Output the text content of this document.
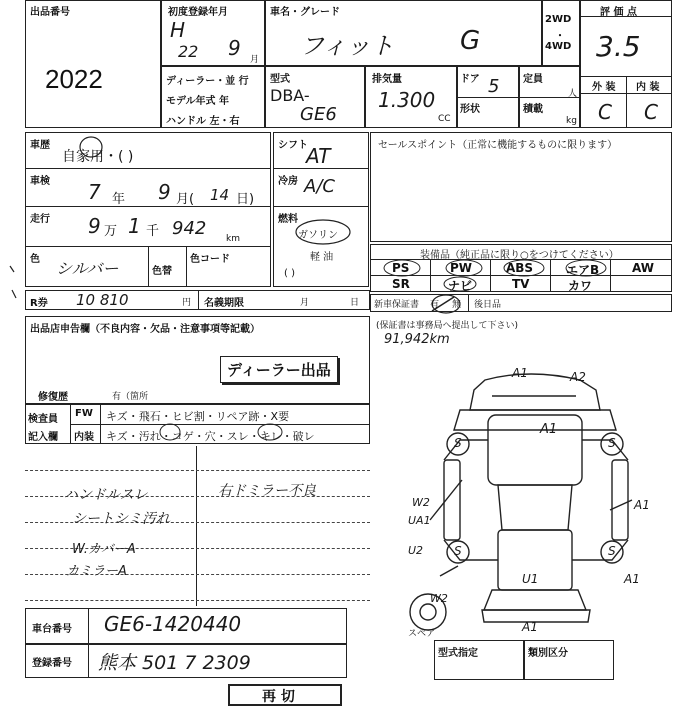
出品番号
2022
初度登録年月
H
22 9 月
車名・グレード
フィット	G
2WD
・
4WD
評 価 点
3.5
外 装 内 装
C C
ディーラー・並 行
モデル年式 年
ハンドル 左・右
型式
DBA-
GE6
排気量
1.300
CC
ドア 5
形状
定員
人
積載
kg
車歴
自家用・( )
車検 7 年 9 月( 14 日)
走行 9 万 1 千 942 km
色 シルバー	色替
色コード
シフト
AT
冷房 A/C
燃料
ガソリン
軽 油
( )
セールスポイント（正常に機能するものに限ります）
装備品（純正品に限り○をつけてください）
PS	PW	ABS	エアB	AW
SR	ナビ	TV	カワ
R券 10 810	円 名義期限	月	日 新車保証書 有 無 後日品
(保証書は事務局へ提出して下さい)
91,942km
出品店申告欄（不良内容・欠品・注意事項等記載）
ディーラー出品
修復歴	有（箇所
検査員
記入欄
FW キズ・飛石・ヒビ割・リペア跡・X要
内装 キズ・汚れ・コゲ・穴・スレ・キレ・破レ
ハンドルスレ
シートシミ汚れ
W.カバーA
カミラーA
右ドミラー不良
A1	A2
A1
S	S
S	S
W2
UA1
U2
A1
A1
U1
A1
W2
スペア
車台番号 GE6-1420440
登録番号 熊本 501 7 2309	型式指定	類別区分
再 切
